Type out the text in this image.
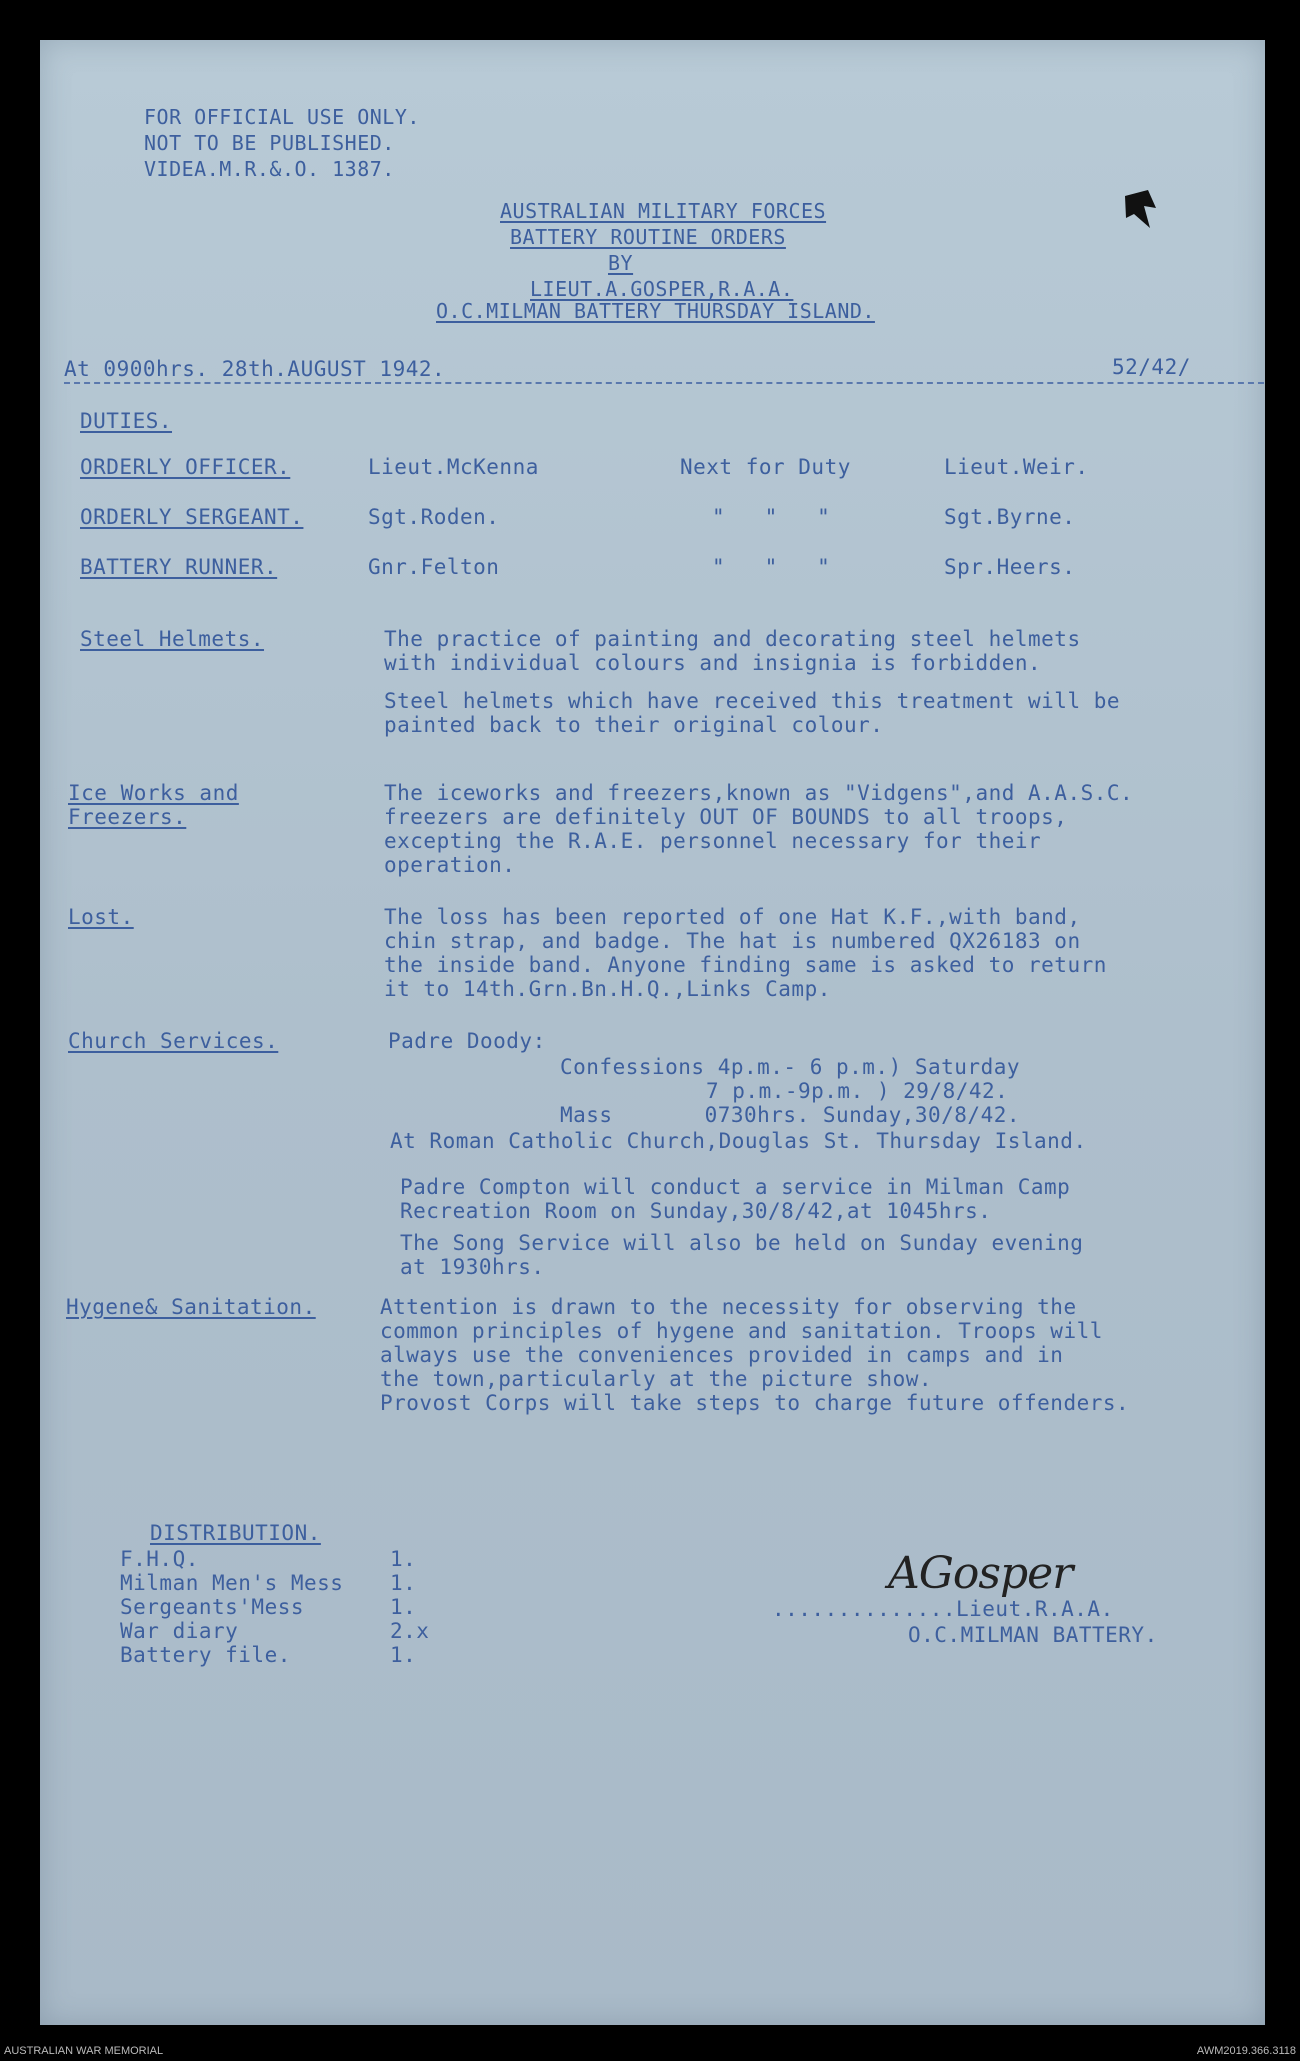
FOR OFFICIAL USE ONLY.
NOT TO BE PUBLISHED.
VIDEA.M.R.&.O. 1387.
AUSTRALIAN MILITARY FORCES
BATTERY ROUTINE ORDERS
BY
LIEUT.A.GOSPER,R.A.A.
O.C.MILMAN BATTERY THURSDAY ISLAND.
At 0900hrs. 28th.AUGUST 1942.	52/42/
DUTIES.
ORDERLY OFFICER.	Lieut.McKenna	Next for Duty	Lieut.Weir.
ORDERLY SERGEANT.	Sgt.Roden.	"   "   "	Sgt.Byrne.
BATTERY RUNNER.	Gnr.Felton	"   "   "	Spr.Heers.
Steel Helmets.	The practice of painting and decorating steel helmets
with individual colours and insignia is forbidden.
Steel helmets which have received this treatment will be
painted back to their original colour.
Ice Works and
Freezers.
The iceworks and freezers,known as "Vidgens",and A.A.S.C.
freezers are definitely OUT OF BOUNDS to all troops,
excepting the R.A.E. personnel necessary for their
operation.
Lost.	The loss has been reported of one Hat K.F.,with band,
chin strap, and badge. The hat is numbered QX26183 on
the inside band. Anyone finding same is asked to return
it to 14th.Grn.Bn.H.Q.,Links Camp.
Church Services.	Padre Doody:
Confessions 4p.m.- 6 p.m.) Saturday
7 p.m.-9p.m. ) 29/8/42.
Mass       0730hrs. Sunday,30/8/42.
At Roman Catholic Church,Douglas St. Thursday Island.
Padre Compton will conduct a service in Milman Camp
Recreation Room on Sunday,30/8/42,at 1045hrs.
The Song Service will also be held on Sunday evening
at 1930hrs.
Hygene& Sanitation.	Attention is drawn to the necessity for observing the
common principles of hygene and sanitation. Troops will
always use the conveniences provided in camps and in
the town,particularly at the picture show.
Provost Corps will take steps to charge future offenders.
DISTRIBUTION.
F.H.Q.	1.
Milman Men's Mess 1.
Sergeants'Mess	1.
War diary	2.x
Battery file.	1.
AGosper
..............Lieut.R.A.A.
O.C.MILMAN BATTERY.
AUSTRALIAN WAR MEMORIAL	AWM2019.366.3118
